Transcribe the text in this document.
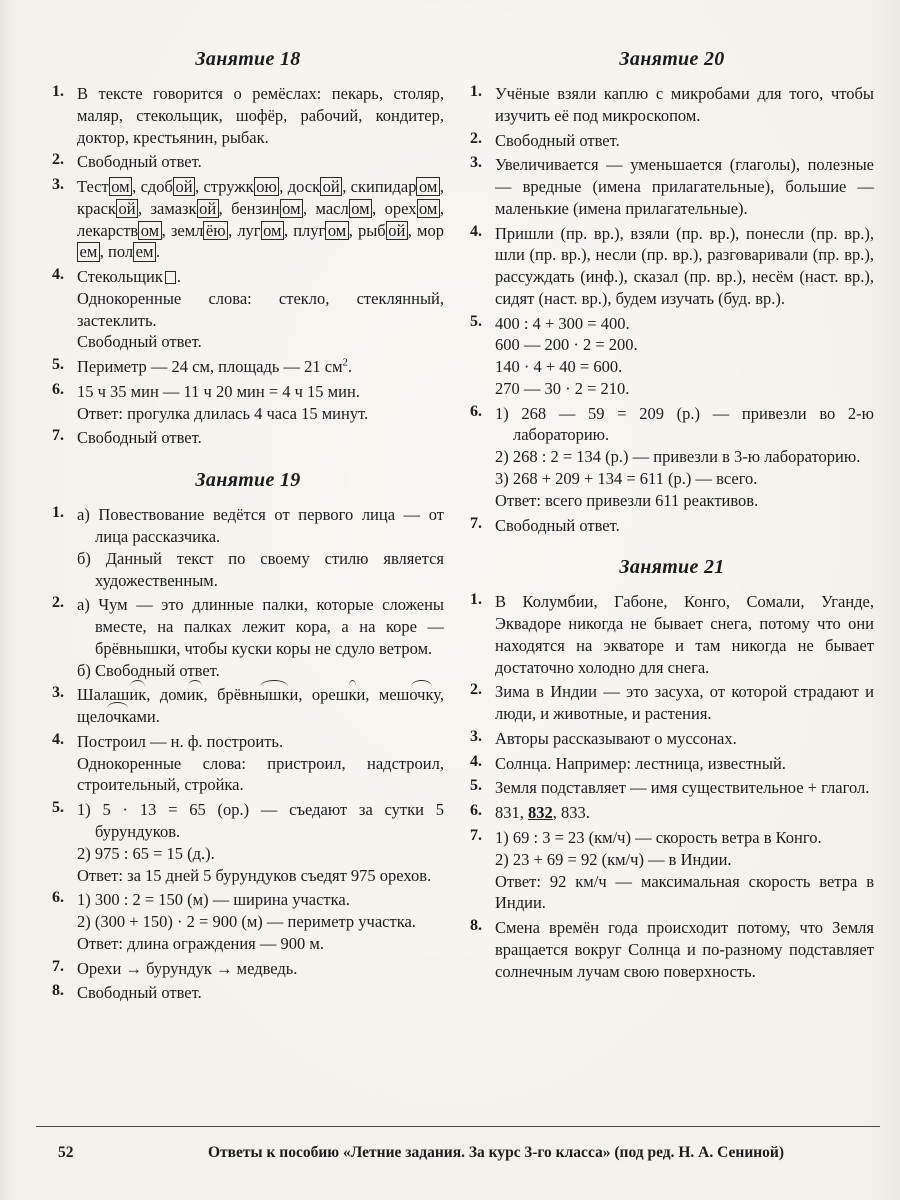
Занятие 18
1. В тексте говорится о ремёслах: пекарь, столяр, маляр, стекольщик, шофёр, рабочий, кондитер, доктор, крестьянин, рыбак.
2. Свободный ответ.
3. Тест ом , сдоб ой , стружк ою , доск ой , скипидар ом , краск ой , замазк ой , бензин ом , масл ом , орех ом , лекарств ом , земл ёю , луг ом , плуг ом , рыб ой , морем , пол ем .
4. Стекольщик .
Однокоренные слова: стекло, стеклянный, застеклить.
Свободный ответ.
5. Периметр — 24 см, площадь — 21 $см^2$.
6. 15 ч 35 мин — 11 ч 20 мин = 4 ч 15 мин.
Ответ: прогулка длилась 4 часа 15 минут.
7. Свободный ответ.
Занятие 19
1. а) Повествование ведётся от первого лица — от лица рассказчика.
б) Данный текст по своему стилю является художественным.
2. а) Чум — это длинные палки, которые сложены вместе, на палках лежит кора, а на коре — брёвнышки, чтобы куски коры не сдуло ветром.
б) Свободный ответ.
3. Шалашик, домик, брёвнышки, орешки, мешочку, щелочками.
4. Построил — н. ф. построить.
Однокоренные слова: пристроил, надстроил, строительный, стройка.
5. 1) 5 · 13 = 65 (ор.) — съедают за сутки 5 бурундуков.
2) 975 : 65 = 15 (д.).
Ответ: за 15 дней 5 бурундуков съедят 975 орехов.
6. 1) 300 : 2 = 150 (м) — ширина участка.
2) (300 + 150) · 2 = 900 (м) — периметр участка.
Ответ: длина ограждения — 900 м.
7. Орехи → бурундук → медведь.
8. Свободный ответ.
Занятие 20
1. Учёные взяли каплю с микробами для того, чтобы изучить её под микроскопом.
2. Свободный ответ.
3. Увеличивается — уменьшается (глаголы), полезные — вредные (имена прилагательные), большие — маленькие (имена прилагательные).
4. Пришли (пр. вр.), взяли (пр. вр.), понесли (пр. вр.), шли (пр. вр.), несли (пр. вр.), разговаривали (пр. вр.), рассуждать (инф.), сказал (пр. вр.), несём (наст. вр.), сидят (наст. вр.), будем изучать (буд. вр.).
5. 400 : 4 + 300 = 400.
600 — 200 · 2 = 200.
140 · 4 + 40 = 600.
270 — 30 · 2 = 210.
6. 1) 268 — 59 = 209 (р.) — привезли во 2-ю лабораторию.
2) 268 : 2 = 134 (р.) — привезли в 3-ю лабораторию.
3) 268 + 209 + 134 = 611 (р.) — всего.
Ответ: всего привезли 611 реактивов.
7. Свободный ответ.
Занятие 21
1. В Колумбии, Габоне, Конго, Сомали, Уганде, Эквадоре никогда не бывает снега, потому что они находятся на экваторе и там никогда не бывает достаточно холодно для снега.
2. Зима в Индии — это засуха, от которой страдают и люди, и животные, и растения.
3. Авторы рассказывают о муссонах.
4. Солнца. Например: лестница, известный.
5. Земля подставляет — имя существительное + глагол.
6. 831, 832, 833.
7. 1) 69 : 3 = 23 (км/ч) — скорость ветра в Конго.
2) 23 + 69 = 92 (км/ч) — в Индии.
Ответ: 92 км/ч — максимальная скорость ветра в Индии.
8. Смена времён года происходит потому, что Земля вращается вокруг Солнца и по-разному подставляет солнечным лучам свою поверхность.
52	Ответы к пособию «Летние задания. За курс 3-го класса» (под ред. Н. А. Сениной)
